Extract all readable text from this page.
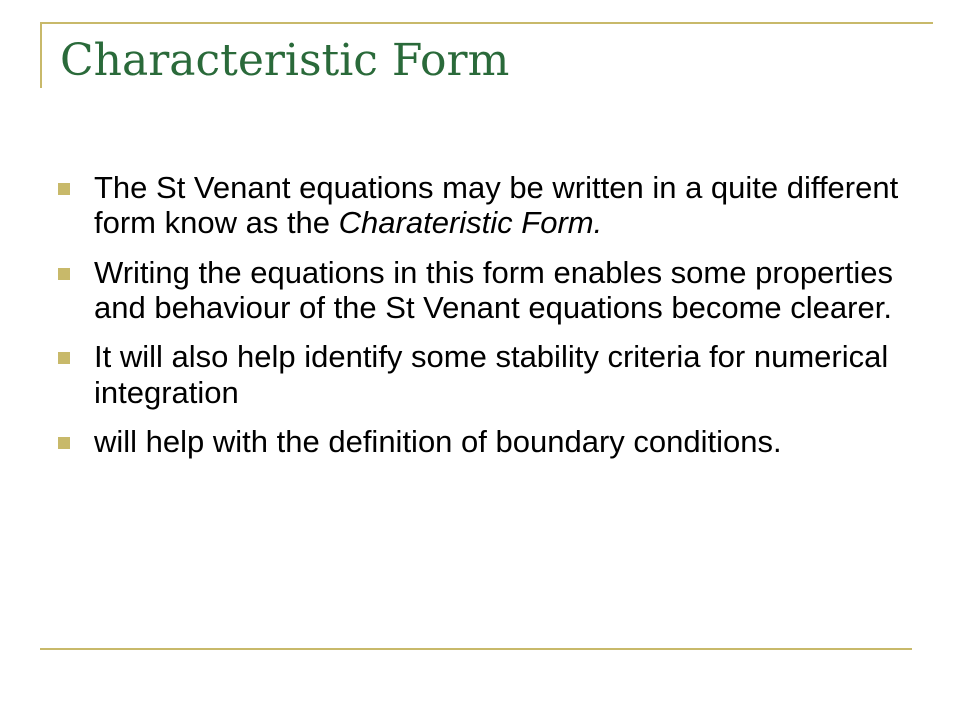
Characteristic Form
The St Venant equations may be written in a quite different form know as the Charateristic Form.
Writing the equations in this form enables some properties and behaviour of the St Venant equations become clearer.
It will also help identify some stability criteria for numerical integration
will help with the definition of boundary conditions.
